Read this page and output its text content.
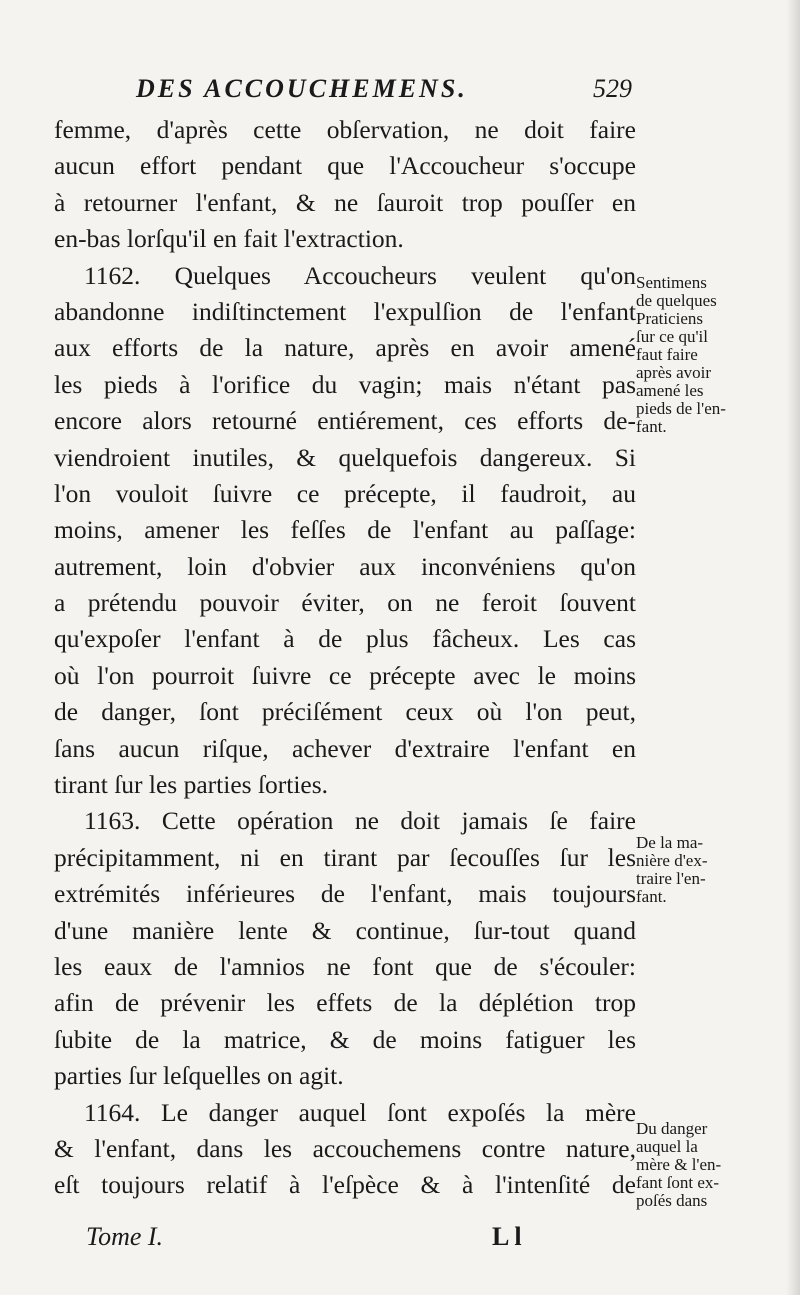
DES ACCOUCHEMENS.	529
femme, d'après cette obſervation, ne doit faire
aucun effort pendant que l'Accoucheur s'occupe
à retourner l'enfant, & ne ſauroit trop pouſſer en
en-bas lorſqu'il en fait l'extraction.
1162. Quelques Accoucheurs veulent qu'on
abandonne indiſtinctement l'expulſion de l'enfant
aux efforts de la nature, après en avoir amené
les pieds à l'orifice du vagin; mais n'étant pas
encore alors retourné entiérement, ces efforts de-
viendroient inutiles, & quelquefois dangereux. Si
l'on vouloit ſuivre ce précepte, il faudroit, au
moins, amener les feſſes de l'enfant au paſſage:
autrement, loin d'obvier aux inconvéniens qu'on
a prétendu pouvoir éviter, on ne feroit ſouvent
qu'expoſer l'enfant à de plus fâcheux. Les cas
où l'on pourroit ſuivre ce précepte avec le moins
de danger, ſont préciſément ceux où l'on peut,
ſans aucun riſque, achever d'extraire l'enfant en
tirant ſur les parties ſorties.
1163. Cette opération ne doit jamais ſe faire
précipitamment, ni en tirant par ſecouſſes ſur les
extrémités inférieures de l'enfant, mais toujours
d'une manière lente & continue, ſur-tout quand
les eaux de l'amnios ne font que de s'écouler:
afin de prévenir les effets de la déplétion trop
ſubite de la matrice, & de moins fatiguer les
parties ſur leſquelles on agit.
1164. Le danger auquel ſont expoſés la mère
& l'enfant, dans les accouchemens contre nature,
eſt toujours relatif à l'eſpèce & à l'intenſité de
Sentimens
de quelques
Praticiens
ſur ce qu'il
faut faire
après avoir
amené les
pieds de l'en-
fant.
De la ma-
nière d'ex-
traire l'en-
fant.
Du danger
auquel la
mère & l'en-
fant ſont ex-
poſés dans
Tome I.	L l
